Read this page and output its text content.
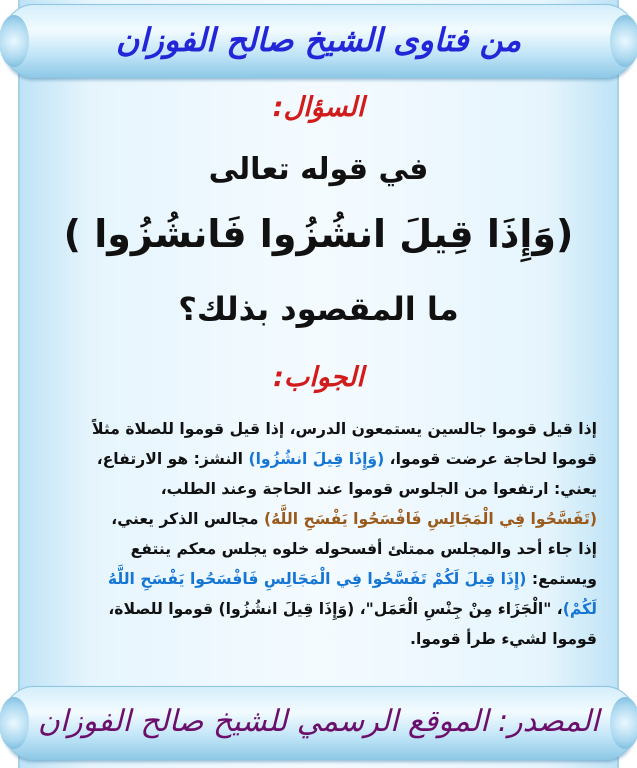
من فتاوى الشيخ صالح الفوزان
السؤال:

في قوله تعالى

(وَإِذَا قِيلَ انشُزُوا فَانشُزُوا )

ما المقصود بذلك؟

الجواب:

إذا قيل قوموا جالسين يستمعون الدرس، إذا قيل قوموا للصلاة مثلاً

قوموا لحاجة عرضت قوموا، (وَإِذَا قِيلَ انشُزُوا) النشز: هو الارتفاع،

يعني: ارتفعوا من الجلوس قوموا عند الحاجة وعند الطلب،

(تَفَسَّحُوا فِي الْمَجَالِسِ فَافْسَحُوا يَفْسَحِ اللَّهُ) مجالس الذكر يعني،

إذا جاء أحد والمجلس ممتلئ أفسحوله خلوه يجلس معكم ينتفع

ويستمع: (إِذَا قِيلَ لَكُمْ تَفَسَّحُوا فِي الْمَجَالِسِ فَافْسَحُوا يَفْسَحِ اللَّهُ

لَكُمْ)، "الْجَزَاء مِنْ جِنْسِ الْعَمَل"، (وَإِذَا قِيلَ انشُزُوا) قوموا للصلاة،

قوموا لشيء طرأ قوموا.

المصدر: الموقع الرسمي للشيخ صالح الفوزان
